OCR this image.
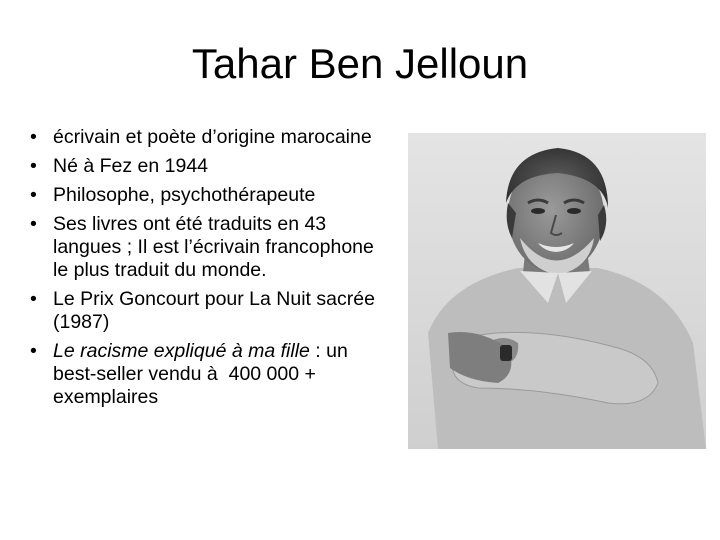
Tahar Ben Jelloun
• écrivain et poète d’origine marocaine
• Né à Fez en 1944
• Philosophe, psychothérapeute
• Ses livres ont été traduits en 43 langues ; Il est l’écrivain francophone le plus traduit du monde.
• Le Prix Goncourt pour La Nuit sacrée (1987)
• Le racisme expliqué à ma fille : un best-seller vendu à  400 000 + exemplaires
